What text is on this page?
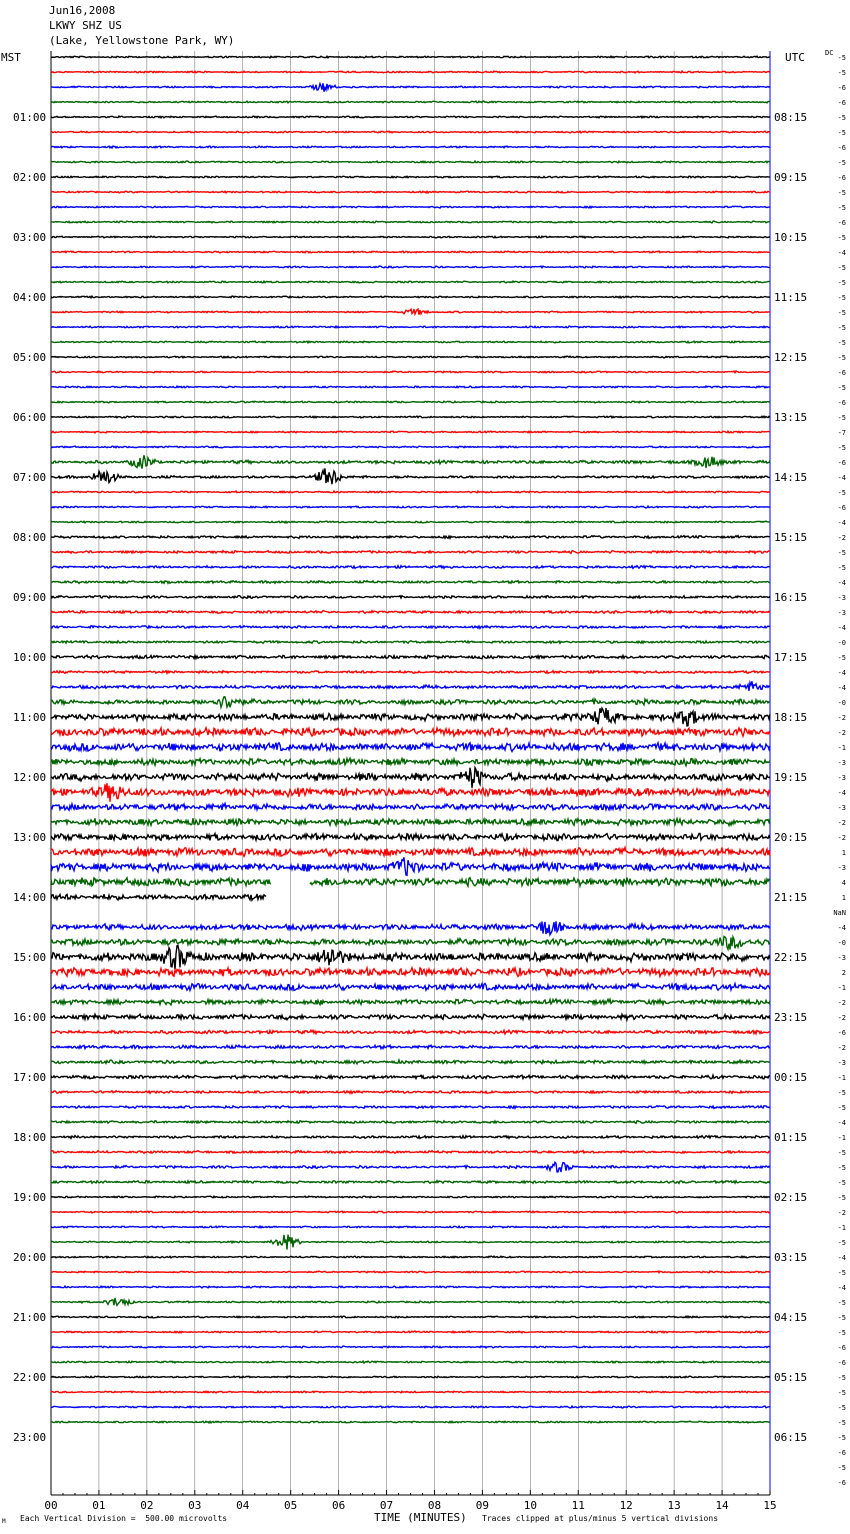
Jun16,2008
LKWY SHZ US
(Lake, Yellowstone Park, WY)
MST	UTC	DC
01:00	08:15
02:00	09:15
03:00	10:15
04:00	11:15
05:00	12:15
06:00	13:15
07:00	14:15
08:00	15:15
09:00	16:15
10:00	17:15
11:00	18:15
12:00	19:15
13:00	20:15
14:00	21:15
15:00	22:15
16:00	23:15
17:00	00:15
18:00	01:15
19:00	02:15
20:00	03:15
21:00	04:15
22:00	05:15
23:00	06:15
-5
-5
-6
-6
-5
-5
-6
-5
-6
-5
-5
-6
-5
-4
-5
-5
-5
-5
-5
-5
-5
-6
-5
-6
-5
-7
-5
-6
-4
-5
-6
-4
-2
-5
-5
-4
-3
-3
-4
-0
-5
-4
-4
-0
-2
-2
-1
-3
-3
-4
-3
-2
-2
1
-3
4
1
NaN
-4
-0
-3
2
-1
-2
-2
-6
-2
-3
-1
-5
-5
-4
-1
-5
-5
-5
-5
-2
-1
-5
-4
-5
-4
-5
-5
-5
-6
-6
-5
-5
-5
-5
-5
-6
-5
-6
00	01	02	03	04	05	06	07	08	09	10	11	12	13	14	15
TIME (MINUTES)
Each Vertical Division =  500.00 microvolts	Traces clipped at plus/minus 5 vertical divisions
M
